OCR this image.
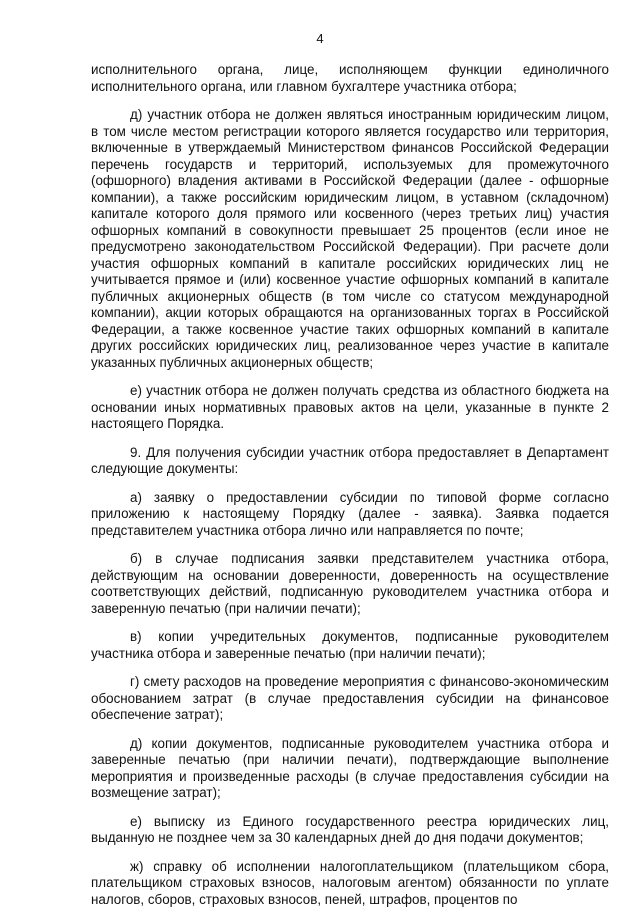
4

исполнительного органа, лице, исполняющем функции единоличного исполнительного органа, или главном бухгалтере участника отбора;

д) участник отбора не должен являться иностранным юридическим лицом, в том числе местом регистрации которого является государство или территория, включенные в утверждаемый Министерством финансов Российской Федерации перечень государств и территорий, используемых для промежуточного (офшорного) владения активами в Российской Федерации (далее - офшорные компании), а также российским юридическим лицом, в уставном (складочном) капитале которого доля прямого или косвенного (через третьих лиц) участия офшорных компаний в совокупности превышает 25 процентов (если иное не предусмотрено законодательством Российской Федерации). При расчете доли участия офшорных компаний в капитале российских юридических лиц не учитывается прямое и (или) косвенное участие офшорных компаний в капитале публичных акционерных обществ (в том числе со статусом международной компании), акции которых обращаются на организованных торгах в Российской Федерации, а также косвенное участие таких офшорных компаний в капитале других российских юридических лиц, реализованное через участие в капитале указанных публичных акционерных обществ;

е) участник отбора не должен получать средства из областного бюджета на основании иных нормативных правовых актов на цели, указанные в пункте 2 настоящего Порядка.

9. Для получения субсидии участник отбора предоставляет в Департамент следующие документы:

а) заявку о предоставлении субсидии по типовой форме согласно приложению к настоящему Порядку (далее - заявка). Заявка подается представителем участника отбора лично или направляется по почте;

б) в случае подписания заявки представителем участника отбора, действующим на основании доверенности, доверенность на осуществление соответствующих действий, подписанную руководителем участника отбора и заверенную печатью (при наличии печати);

в) копии учредительных документов, подписанные руководителем участника отбора и заверенные печатью (при наличии печати);

г) смету расходов на проведение мероприятия с финансово-экономическим обоснованием затрат (в случае предоставления субсидии на финансовое обеспечение затрат);

д) копии документов, подписанные руководителем участника отбора и заверенные печатью (при наличии печати), подтверждающие выполнение мероприятия и произведенные расходы (в случае предоставления субсидии на возмещение затрат);

е) выписку из Единого государственного реестра юридических лиц, выданную не позднее чем за 30 календарных дней до дня подачи документов;

ж) справку об исполнении налогоплательщиком (плательщиком сбора, плательщиком страховых взносов, налоговым агентом) обязанности по уплате налогов, сборов, страховых взносов, пеней, штрафов, процентов по
